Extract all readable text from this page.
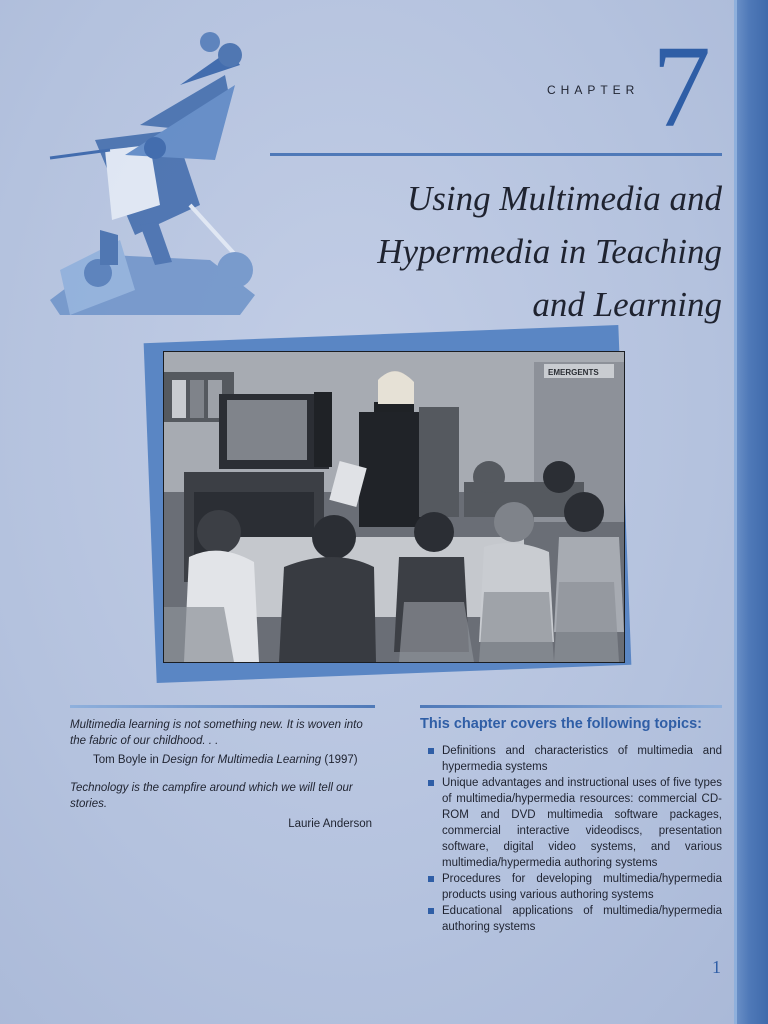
CHAPTER 7
Using Multimedia and
Hypermedia in Teaching
and Learning
EMERGENTS
Multimedia learning is not something new. It is woven into the fabric of our childhood. . .
Tom Boyle in Design for Multimedia Learning (1997)
Technology is the campfire around which we will tell our stories.
Laurie Anderson
This chapter covers the following topics:
Definitions and characteristics of multimedia and hypermedia systems
Unique advantages and instructional uses of five types of multimedia/hypermedia resources: commercial CD-ROM and DVD multimedia software packages, commercial interactive videodiscs, presentation software, digital video systems, and various multimedia/hypermedia authoring systems
Procedures for developing multimedia/hypermedia products using various authoring systems
Educational applications of multimedia/hypermedia authoring systems
1
